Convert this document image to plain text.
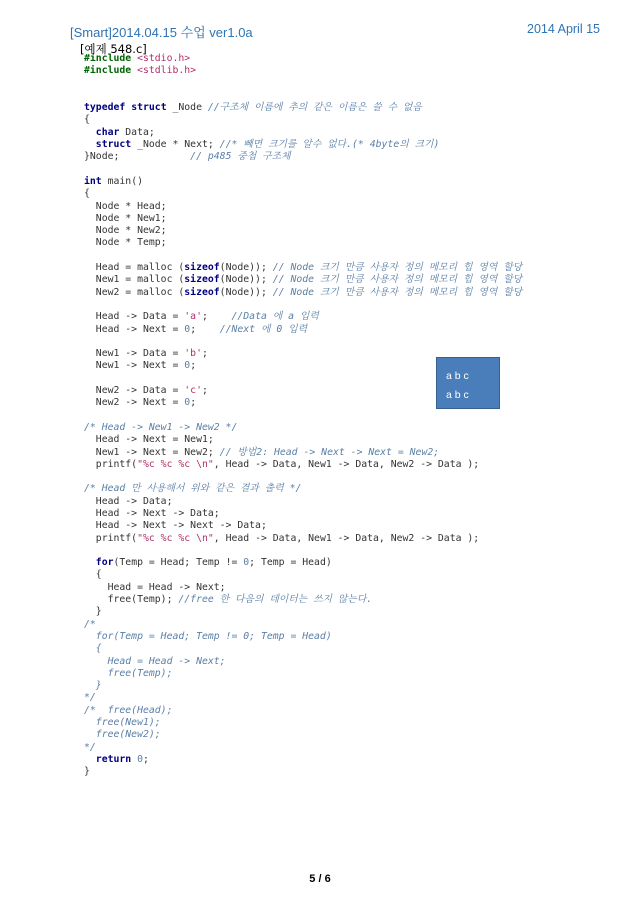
[Smart]2014.04.15 수업 ver1.0a	2014 April 15
[예제 548.c]
#include <stdio.h>
#include <stdlib.h>

typedef struct _Node //구조체 이름에 추의 같은 이름은 쓸 수 없음
{
char Data;
struct _Node * Next; //* 빼면 크기를 알수 없다.(* 4byte의 크기)
}Node;            // p485 중첩 구조체

int main()
{
Node * Head;
Node * New1;
Node * New2;
Node * Temp;

Head = malloc (sizeof(Node)); // Node 크기 만큼 사용자 정의 메모리 힙 영역 할당
New1 = malloc (sizeof(Node)); // Node 크기 만큼 사용자 정의 메모리 힙 영역 할당
New2 = malloc (sizeof(Node)); // Node 크기 만큼 사용자 정의 메모리 힙 영역 할당

Head -> Data = 'a';    //Data 에 a 입력
Head -> Next = 0;    //Next 에 0 입력

New1 -> Data = 'b';
New1 -> Next = 0;

New2 -> Data = 'c';
New2 -> Next = 0;

/* Head -> New1 -> New2 */
Head -> Next = New1;
New1 -> Next = New2; // 방법2: Head -> Next -> Next = New2;
printf("%c %c %c \n", Head -> Data, New1 -> Data, New2 -> Data );

/* Head 만 사용해서 위와 같은 결과 출력 */
Head -> Data;
Head -> Next -> Data;
Head -> Next -> Next -> Data;
printf("%c %c %c \n", Head -> Data, New1 -> Data, New2 -> Data );

for(Temp = Head; Temp != 0; Temp = Head)
{
Head = Head -> Next;
free(Temp); //free 한 다음의 데이터는 쓰지 않는다.
}
/*
for(Temp = Head; Temp != 0; Temp = Head)
{
Head = Head -> Next;
free(Temp);
}
*/
/*  free(Head);
free(New1);
free(New2);
*/
return 0;
}
a b c
a b c
5 / 6
